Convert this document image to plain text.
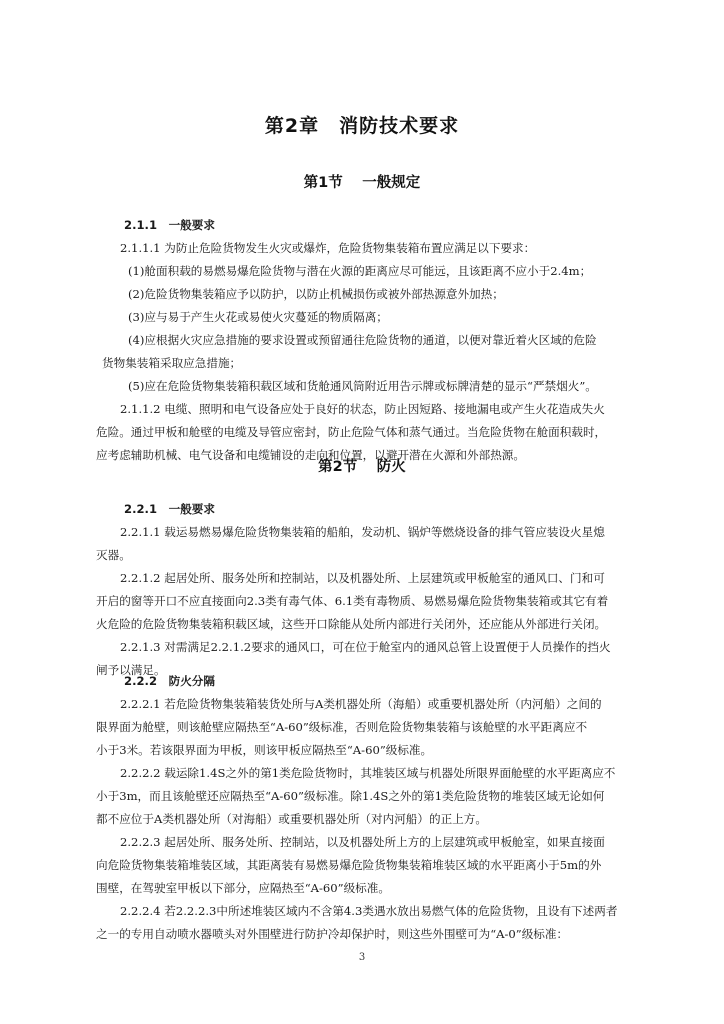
第2章　消防技术要求
第1节　 一般规定
2.1.1　一般要求
2.1.1.1 为防止危险货物发生火灾或爆炸，危险货物集装箱布置应满足以下要求：
(1)舱面积载的易燃易爆危险货物与潜在火源的距离应尽可能远，且该距离不应小于2.4m；
(2)危险货物集装箱应予以防护，以防止机械损伤或被外部热源意外加热；
(3)应与易于产生火花或易使火灾蔓延的物质隔离；
(4)应根据火灾应急措施的要求设置或预留通往危险货物的通道，以便对靠近着火区域的危险
货物集装箱采取应急措施；
(5)应在危险货物集装箱积载区域和货舱通风筒附近用告示牌或标牌清楚的显示“严禁烟火”。
2.1.1.2 电缆、照明和电气设备应处于良好的状态，防止因短路、接地漏电或产生火花造成失火
危险。通过甲板和舱壁的电缆及导管应密封，防止危险气体和蒸气通过。当危险货物在舱面积载时，
应考虑辅助机械、电气设备和电缆铺设的走向和位置，以避开潜在火源和外部热源。
第2节　 防火
2.2.1　一般要求
2.2.1.1 载运易燃易爆危险货物集装箱的船舶，发动机、锅炉等燃烧设备的排气管应装设火星熄
灭器。
2.2.1.2 起居处所、服务处所和控制站，以及机器处所、上层建筑或甲板舱室的通风口、门和可
开启的窗等开口不应直接面向2.3类有毒气体、6.1类有毒物质、易燃易爆危险货物集装箱或其它有着
火危险的危险货物集装箱积载区域，这些开口除能从处所内部进行关闭外，还应能从外部进行关闭。
2.2.1.3 对需满足2.2.1.2要求的通风口，可在位于舱室内的通风总管上设置便于人员操作的挡火
闸予以满足。
2.2.2　防火分隔
2.2.2.1 若危险货物集装箱装货处所与A类机器处所（海船）或重要机器处所（内河船）之间的
限界面为舱壁，则该舱壁应隔热至“A-60”级标准，否则危险货物集装箱与该舱壁的水平距离应不
小于3米。若该限界面为甲板，则该甲板应隔热至“A-60”级标准。
2.2.2.2 载运除1.4S之外的第1类危险货物时，其堆装区域与机器处所限界面舱壁的水平距离应不
小于3m，而且该舱壁还应隔热至“A-60”级标准。除1.4S之外的第1类危险货物的堆装区域无论如何
都不应位于A类机器处所（对海船）或重要机器处所（对内河船）的正上方。
2.2.2.3 起居处所、服务处所、控制站，以及机器处所上方的上层建筑或甲板舱室，如果直接面
向危险货物集装箱堆装区域，其距离装有易燃易爆危险货物集装箱堆装区域的水平距离小于5m的外
围壁，在驾驶室甲板以下部分，应隔热至“A-60”级标准。
2.2.2.4 若2.2.2.3中所述堆装区域内不含第4.3类遇水放出易燃气体的危险货物，且设有下述两者
之一的专用自动喷水器喷头对外围壁进行防护冷却保护时，则这些外围壁可为“A-0”级标准：
3
